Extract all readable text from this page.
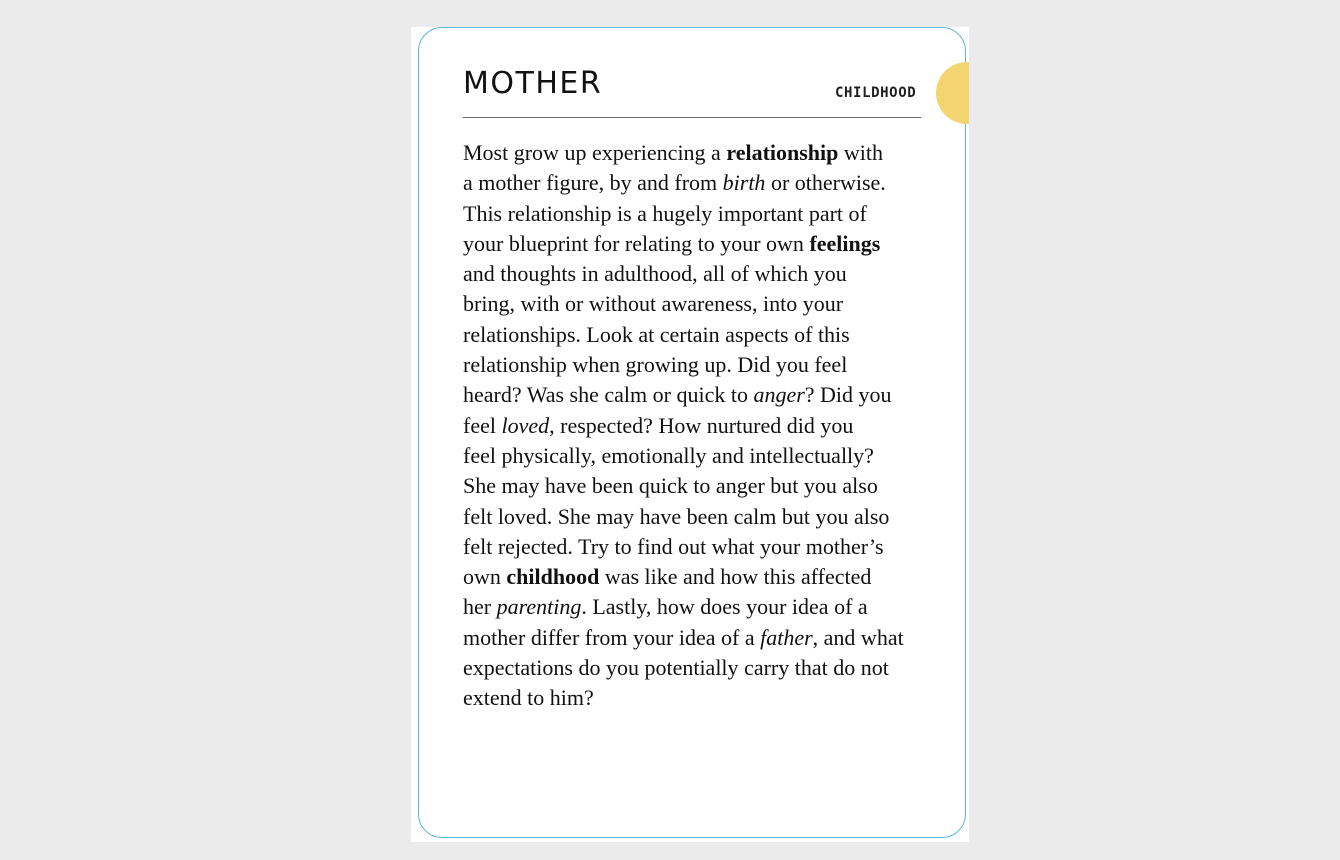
MOTHER	CHILDHOOD
Most grow up experiencing a relationship with
a mother figure, by and from birth or otherwise.
This relationship is a hugely important part of
your blueprint for relating to your own feelings
and thoughts in adulthood, all of which you
bring, with or without awareness, into your
relationships. Look at certain aspects of this
relationship when growing up. Did you feel
heard? Was she calm or quick to anger? Did you
feel loved, respected? How nurtured did you
feel physically, emotionally and intellectually?
She may have been quick to anger but you also
felt loved. She may have been calm but you also
felt rejected. Try to find out what your mother’s
own childhood was like and how this affected
her parenting. Lastly, how does your idea of a
mother differ from your idea of a father, and what
expectations do you potentially carry that do not
extend to him?
